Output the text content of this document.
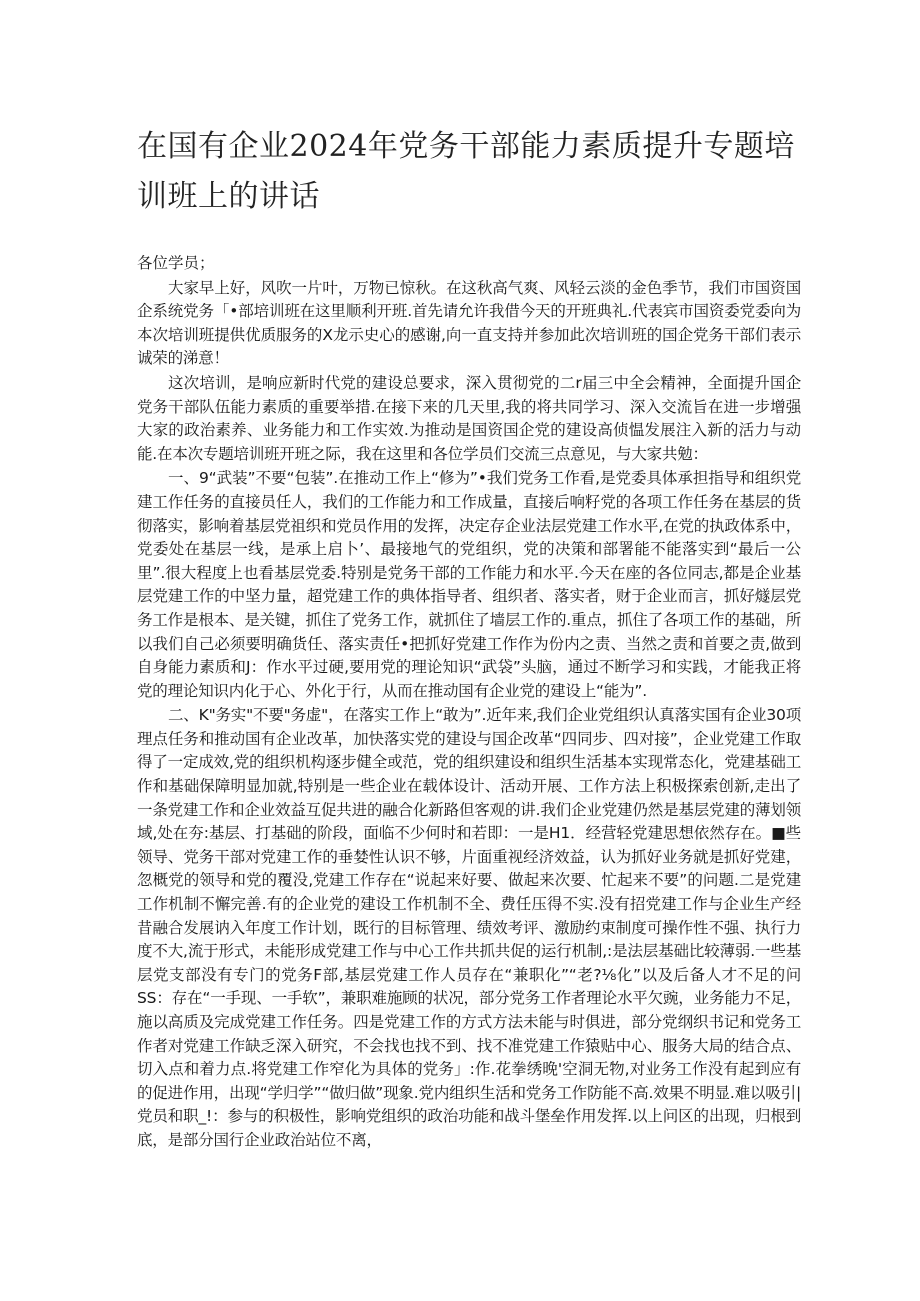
在国有企业2024年党务干部能力素质提升专题培训班上的讲话

各位学员；

大家早上好，风吹一片叶，万物已惊秋。在这秋高气爽、风轻云淡的金色季节，我们市国资国企系统党务「•部培训班在这里顺利开班.首先请允许我借今天的开班典礼.代表宾市国资委党委向为本次培训班提供优质服务的X龙示史心的感谢,向一直支持并参加此次培训班的国企党务干部们表示诚荣的涕意！

这次培训，是响应新时代党的建设总要求，深入贯彻党的二r届三中全会精神，全面提升国企党务干部队伍能力素质的重要举措.在接下来的几天里,我的将共同学习、深入交流旨在进一步增强大家的政治素养、业务能力和工作实效.为推动是国资国企党的建设高侦愠发展注入新的活力与动能.在本次专题培训班开班之际，我在这里和各位学员们交流三点意见，与大家共勉：

一、9“武装”不要“包装”.在推动工作上“修为”•我们党务工作看,是党委具体承担指导和组织党建工作任务的直接员任人，我们的工作能力和工作成量，直接后响籽党的各项工作任务在基层的货彻落实，影响着基层党祖织和党员作用的发挥，决定存企业法层党建工作水平,在党的执政体系中，党委处在基层一线，是承上启卜’、最接地气的党组织，党的决策和部署能不能落实到“最后一公里”.很大程度上也看基层党委.特别是党务干部的工作能力和水平.今天在座的各位同志,都是企业基层党建工作的中坚力量，超党建工作的典体指导者、组织者、落实者，财于企业而言，抓好燧层党务工作是根本、是关键，抓住了党务工作，就抓住了墙层工作的.重点，抓住了各项工作的基础，所以我们自己必须要明确货任、落实责任•把抓好党建工作作为份内之责、当然之责和首要之责,做到自身能力素质和J：作水平过硬,要用党的理论知识“武袋”头脑，通过不断学习和实践，才能我正将党的理论知识内化于心、外化于行，从而在推动国有企业党的建设上“能为”.

二、K"务实"不要"务虚"，在落实工作上“敢为”.近年来,我们企业党组织认真落实国有企业30项理点任务和推动国有企业改革，加快落实党的建设与国企改革“四同步、四对接”，企业党建工作取得了一定成效,党的组织机构逐步健全或范，党的组织建设和组织生活基本实现常态化，党建基础工作和基础保障明显加就,特别是一些企业在载体设计、活动开展、工作方法上积极探索创新,走出了一条党建工作和企业效益互促共进的融合化新路但客观的讲.我们企业党建仍然是基层党建的薄划领域,处在夯:基层、打基础的阶段，面临不少何时和若即：一是H1．经营轻党建思想依然存在。■些领导、党务干部对党建工作的垂婪性认识不够，片面重视经济效益，认为抓好业务就是抓好党建，忽概党的领导和党的覆没,党建工作存在“说起来好要、做起来次要、忙起来不要”的问题.二是党建工作机制不懈完善.有的企业党的建设工作机制不全、费任压得不实.没有招党建工作与企业生产经昔融合发展讷入年度工作计划，既行的目标管理、绩效考评、激励约束制度可操作性不强、执行力度不大,流于形式，未能形成党建工作与中心工作共抓共促的运行机制,:是法层基础比较薄弱.一些基层党支部没有专门的党务F部,基层党建工作人员存在“兼职化”“老?⅛化”以及后备人才不足的问SS：存在“一手现、一手软”，兼职难施顾的状况，部分党务工作者理论水平欠豌，业务能力不足，施以高质及完成党建工作任务。四是党建工作的方式方法未能与时俱进，部分党纲织书记和党务工作者对党建工作缺乏深入研究，不会找也找不到、找不准党建工作猿贴中心、服务大局的结合点、切入点和着力点.将党建工作窄化为具体的党务」:作.花拳绣晚'空洞无物,对业务工作没有起到应有的促进作用，出现“学归学”“做归做”现象.党内组织生活和党务工作防能不高.效果不明显.难以吸引|党员和职_!：参与的积极性，影响党组织的政治功能和战斗堡垒作用发挥.以上问区的出现，归根到底，是部分国行企业政治站位不离，
